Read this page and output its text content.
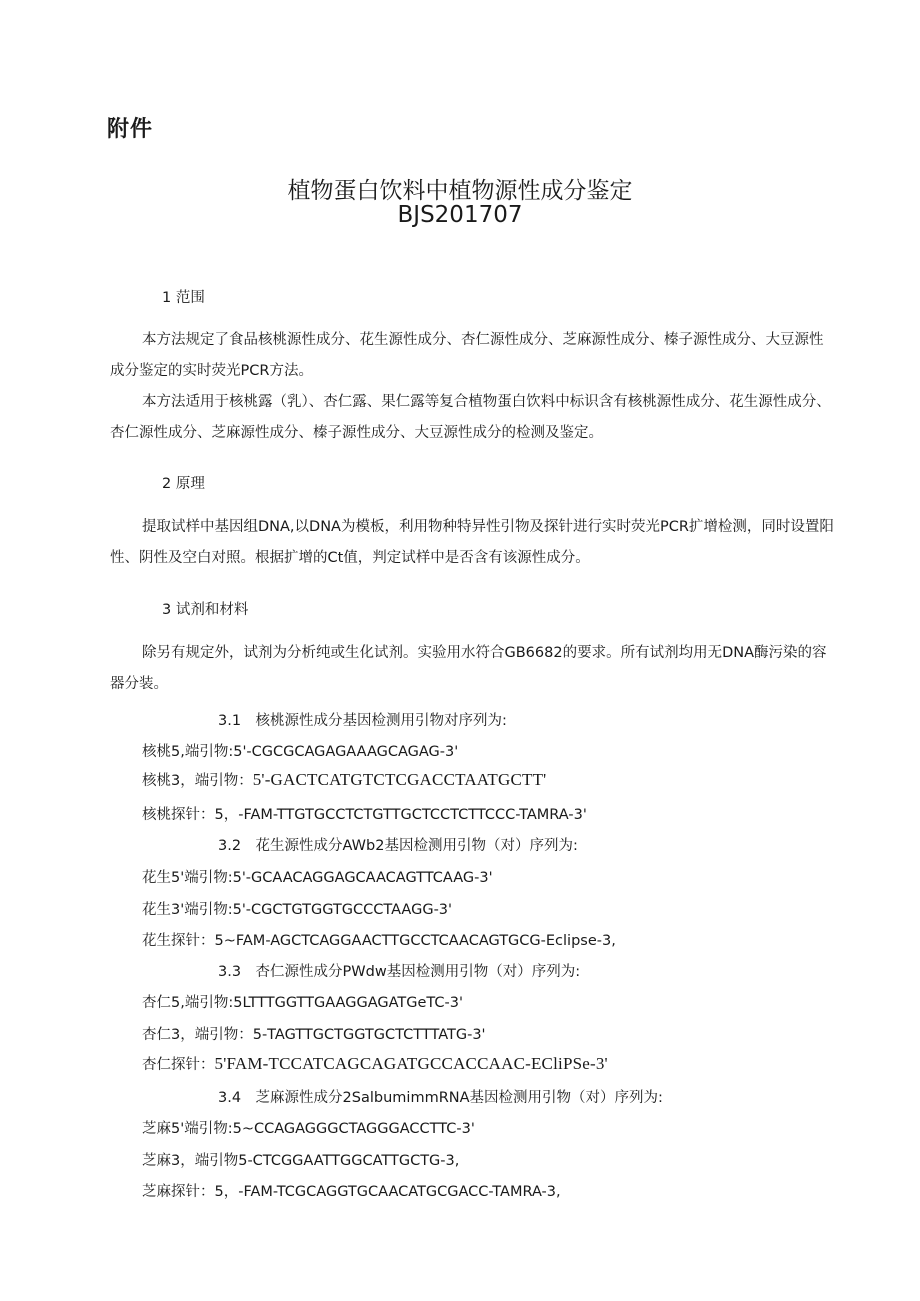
附件
植物蛋白饮料中植物源性成分鉴定
BJS201707
1 范围

本方法规定了食品核桃源性成分、花生源性成分、杏仁源性成分、芝麻源性成分、榛子源性成分、大豆源性成分鉴定的实时荧光PCR方法。

本方法适用于核桃露（乳）、杏仁露、果仁露等复合植物蛋白饮料中标识含有核桃源性成分、花生源性成分、杏仁源性成分、芝麻源性成分、榛子源性成分、大豆源性成分的检测及鉴定。

2 原理

提取试样中基因组DNA,以DNA为模板，利用物种特异性引物及探针进行实时荧光PCR扩增检测，同时设置阳性、阴性及空白对照。根据扩增的Ct值，判定试样中是否含有该源性成分。

3 试剂和材料

除另有规定外，试剂为分析纯或生化试剂。实验用水符合GB6682的要求。所有试剂均用无DNA酶污染的容器分装。

3.1　核桃源性成分基因检测用引物对序列为:
核桃5,端引物:5'-CGCGCAGAGAAAGCAGAG-3'
核桃3，端引物：5'-GACTCATGTCTCGACCTAATGCTT'
核桃探针：5，-FAM-TTGTGCCTCTGTTGCTCCTCTTCCC-TAMRA-3'
3.2　花生源性成分AWb2基因检测用引物（对）序列为:
花生5'端引物:5'-GCAACAGGAGCAACAGTTCAAG-3'
花生3'端引物:5'-CGCTGTGGTGCCCTAAGG-3'
花生探针：5~FAM-AGCTCAGGAACTTGCCTCAACAGTGCG-Eclipse-3,
3.3　杏仁源性成分PWdw基因检测用引物（对）序列为:
杏仁5,端引物:5LTTTGGTTGAAGGAGATGeTC-3'
杏仁3，端引物：5-TAGTTGCTGGTGCTCTTTATG-3'
杏仁探针：5'FAM-TCCATCAGCAGATGCCACCAAC-ECliPSe-3'
3.4　芝麻源性成分2SalbumimmRNA基因检测用引物（对）序列为:
芝麻5'端引物:5~CCAGAGGGCTAGGGACCTTC-3'
芝麻3，端引物5-CTCGGAATTGGCATTGCTG-3,
芝麻探针：5，-FAM-TCGCAGGTGCAACATGCGACC-TAMRA-3,
